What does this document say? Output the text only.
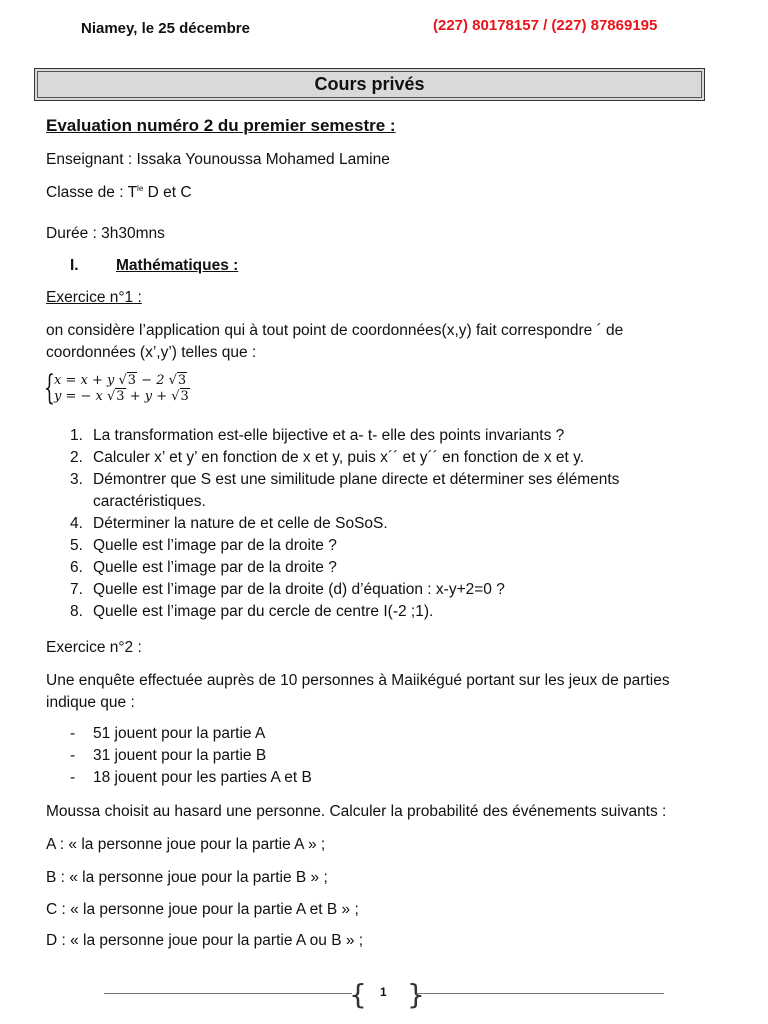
Niamey, le 25 décembre	(227) 80178157 / (227) 87869195
Cours privés
Evaluation numéro 2 du premier semestre :
Enseignant : Issaka Younoussa Mohamed Lamine
Classe de : $T^{le}$ D et C
Durée : 3h30mns
I. Mathématiques :
Exercice n°1 :
on considère l’application qui à tout point de coordonnées(x,y) fait correspondre ´ de
coordonnées (x’,y’) telles que :
{ x = x + y √3 − 2 √3
y = − x √3 + y + √3
1. La transformation est-elle bijective et a- t- elle des points invariants ?
2. Calculer x’ et y’ en fonction de x et y, puis x´´ et y´´ en fonction de x et y.
3. Démontrer que S est une similitude plane directe et déterminer ses éléments
caractéristiques.
4. Déterminer la nature de et celle de SoSoS.
5. Quelle est l’image par de la droite ?
6. Quelle est l’image par de la droite ?
7. Quelle est l’image par de la droite (d) d’équation : x-y+2=0 ?
8. Quelle est l’image par du cercle de centre I(-2 ;1).
Exercice n°2 :
Une enquête effectuée auprès de 10 personnes à Maiikégué portant sur les jeux de parties
indique que :
- 51 jouent pour la partie A
- 31 jouent pour la partie B
- 18 jouent pour les parties A et B
Moussa choisit au hasard une personne. Calculer la probabilité des événements suivants :
A : « la personne joue pour la partie A » ;
B : « la personne joue pour la partie B » ;
C : « la personne joue pour la partie A et B » ;
D : « la personne joue pour la partie A ou B » ;
{ }
1
